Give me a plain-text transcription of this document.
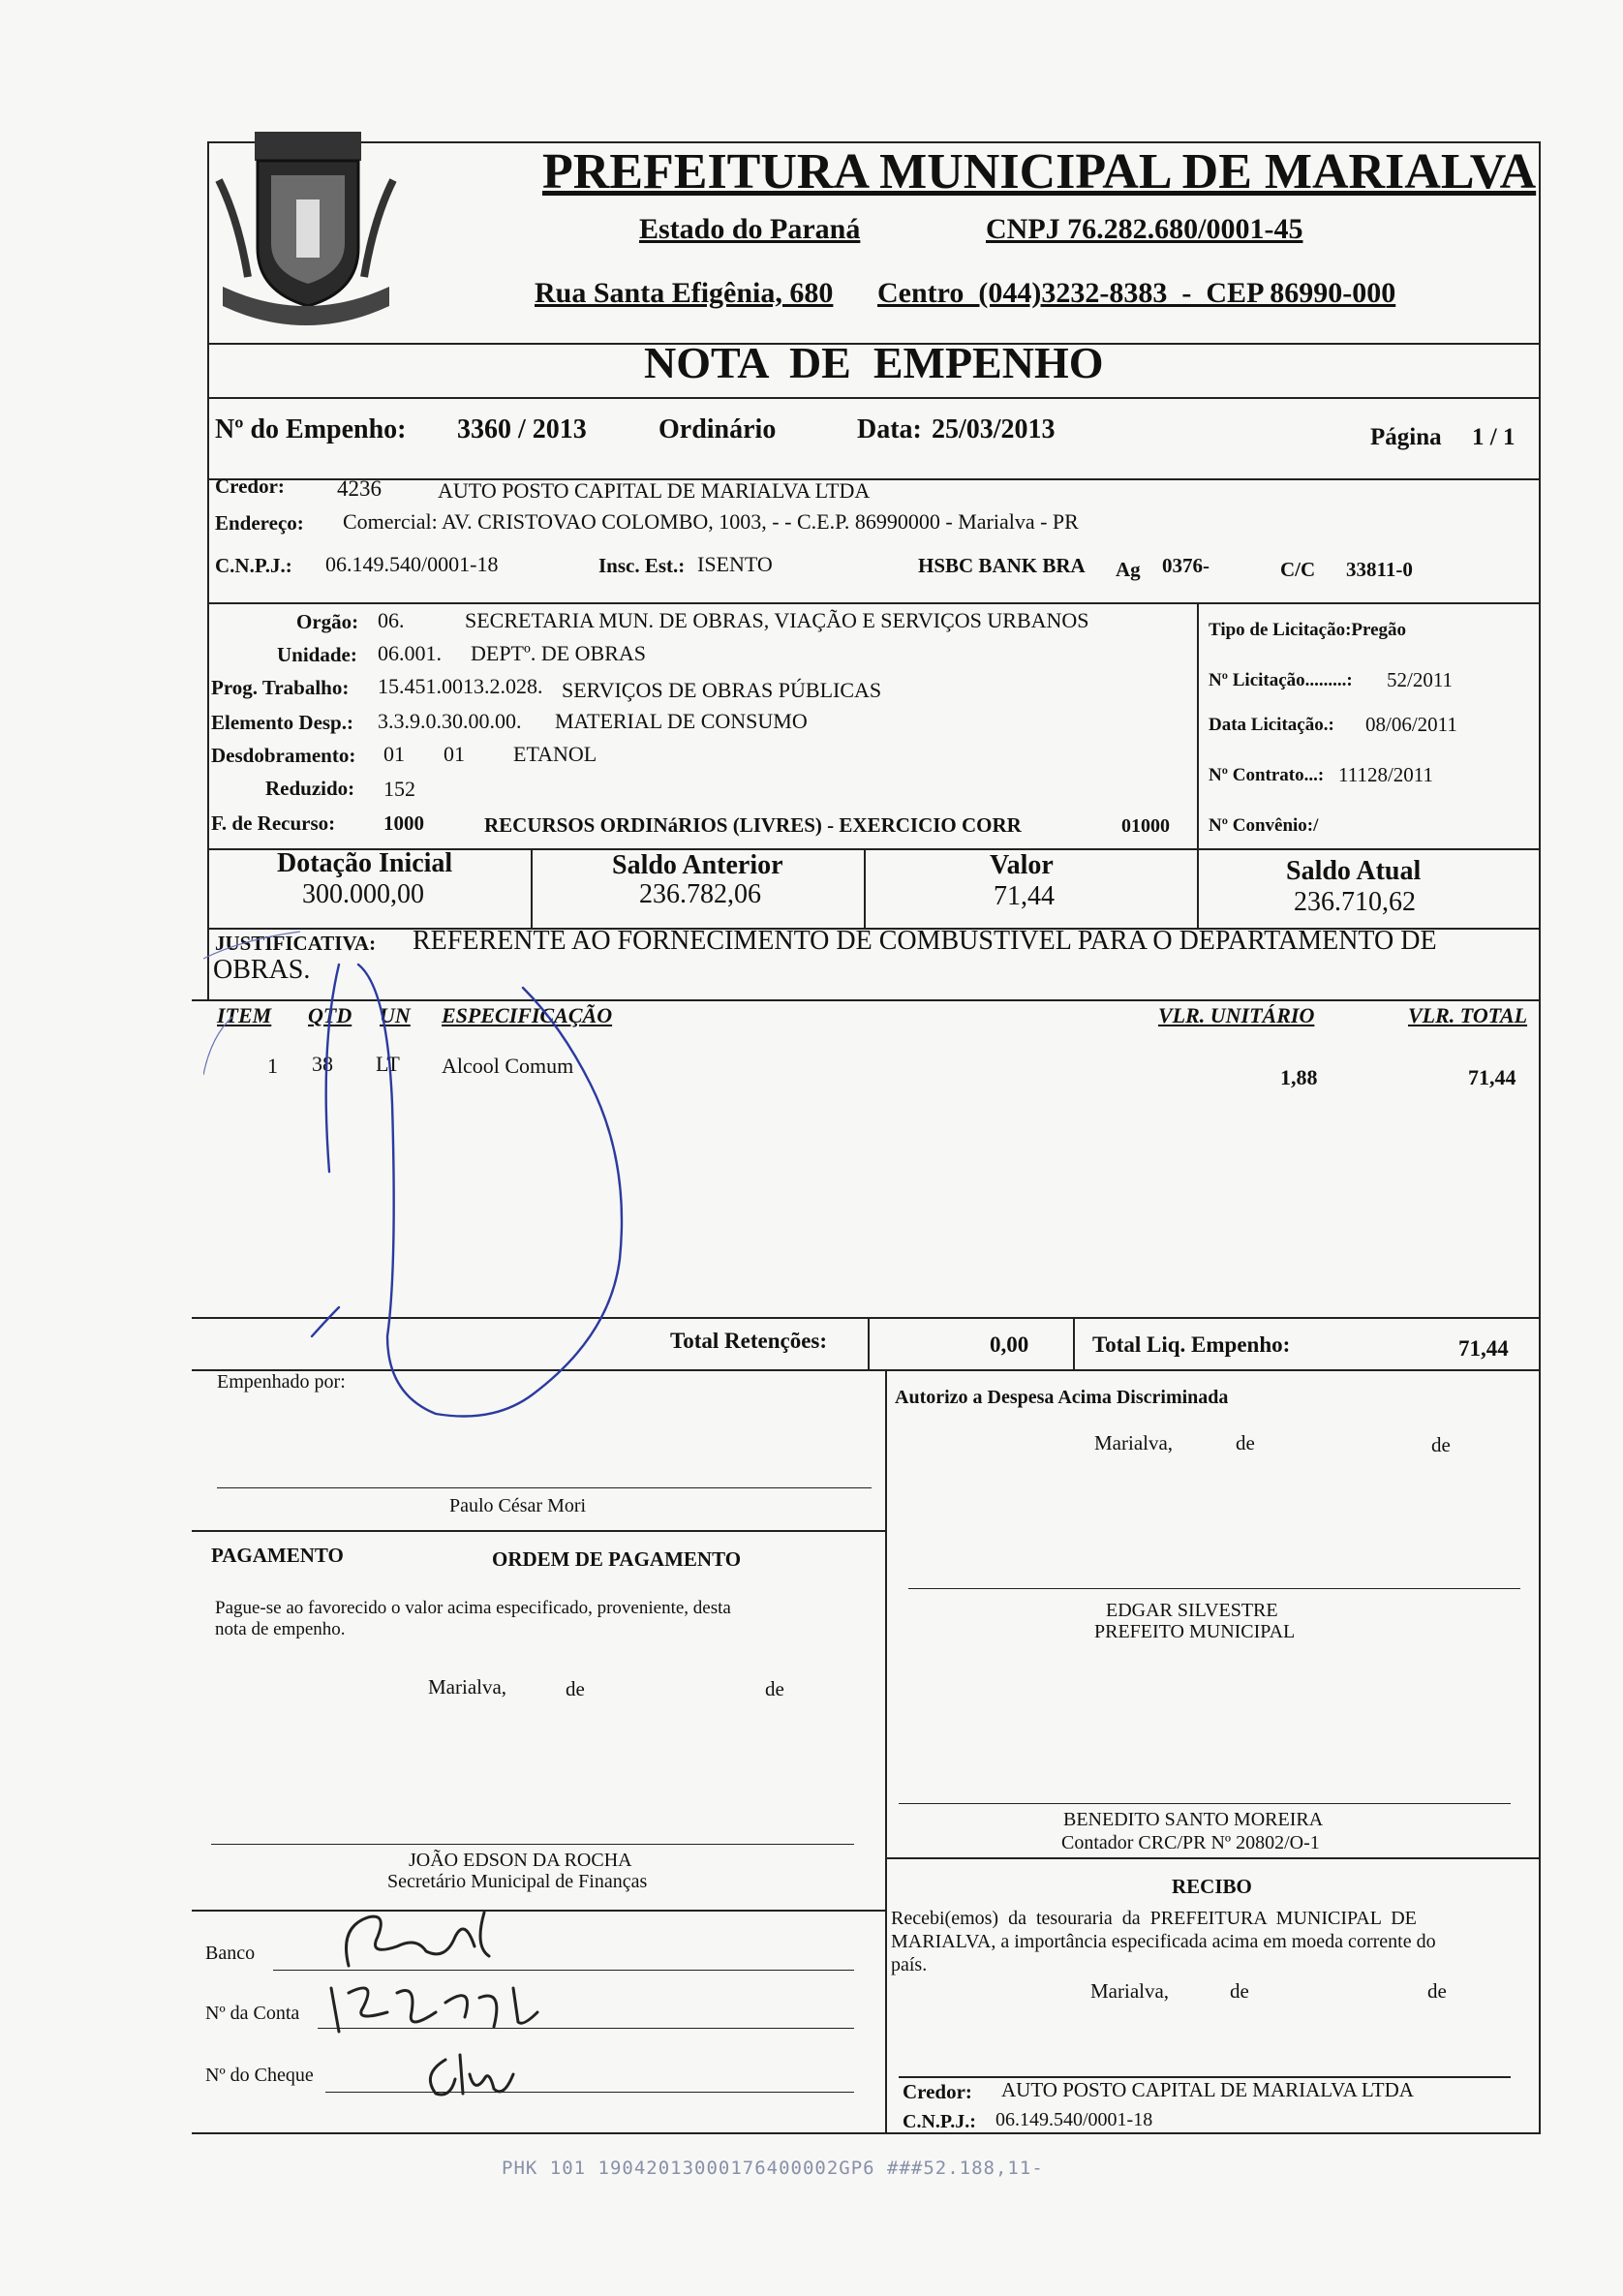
PREFEITURA MUNICIPAL DE MARIALVA
Estado do Paraná	CNPJ 76.282.680/0001-45
Rua Santa Efigênia, 680 Centro  (044)3232-8383  -  CEP 86990-000
NOTA  DE  EMPENHO
Nº do Empenho: 3360 / 2013	Ordinário	Data: 25/03/2013	Página 1 / 1
Credor: 4236	AUTO POSTO CAPITAL DE MARIALVA LTDA
Endereço: Comercial: AV. CRISTOVAO COLOMBO, 1003, - - C.E.P. 86990000 - Marialva - PR
C.N.P.J.: 06.149.540/0001-18	Insc. Est.: ISENTO	HSBC BANK BRA Ag 0376-	C/C 33811-0
Orgão: 06.	SECRETARIA MUN. DE OBRAS, VIAÇÃO E SERVIÇOS URBANOS
Unidade: 06.001. DEPTº. DE OBRAS
Prog. Trabalho: 15.451.0013.2.028. SERVIÇOS DE OBRAS PÚBLICAS
Elemento Desp.: 3.3.9.0.30.00.00. MATERIAL DE CONSUMO
Desdobramento: 01 01 ETANOL
Reduzido: 152
F. de Recurso: 1000	RECURSOS ORDINáRIOS (LIVRES) - EXERCICIO CORR	01000
Tipo de Licitação:Pregão
Nº Licitação.........: 52/2011
Data Licitação.: 08/06/2011
Nº Contrato...: 11128/2011
Nº Convênio:/
Dotação Inicial
300.000,00
Saldo Anterior
236.782,06
Valor
71,44
Saldo Atual
236.710,62
JUSTIFICATIVA: REFERENTE AO FORNECIMENTO DE COMBUSTIVEL PARA O DEPARTAMENTO DE
OBRAS.
ITEM QTD UN ESPECIFICAÇÃO	VLR. UNITÁRIO	VLR. TOTAL
1 38 LT Alcool Comum	1,88	71,44
Total Retenções:	0,00	Total Liq. Empenho:	71,44
Empenhado por:
Paulo César Mori
Autorizo a Despesa Acima Discriminada
Marialva,	de	de
EDGAR SILVESTRE
PREFEITO MUNICIPAL
PAGAMENTO	ORDEM DE PAGAMENTO
Pague-se ao favorecido o valor acima especificado, proveniente, desta
nota de empenho.
Marialva,	de	de
JOÃO EDSON DA ROCHA
Secretário Municipal de Finanças
Banco
Nº da Conta
Nº do Cheque
BENEDITO SANTO MOREIRA
Contador CRC/PR Nº 20802/O-1
RECIBO
Recebi(emos)  da  tesouraria  da  PREFEITURA  MUNICIPAL  DE
MARIALVA, a importância especificada acima em moeda corrente do
país.
Marialva,	de	de
Credor: AUTO POSTO CAPITAL DE MARIALVA LTDA
C.N.P.J.: 06.149.540/0001-18
PHK 101 19042013000176400002GP6 ###52.188,11-
